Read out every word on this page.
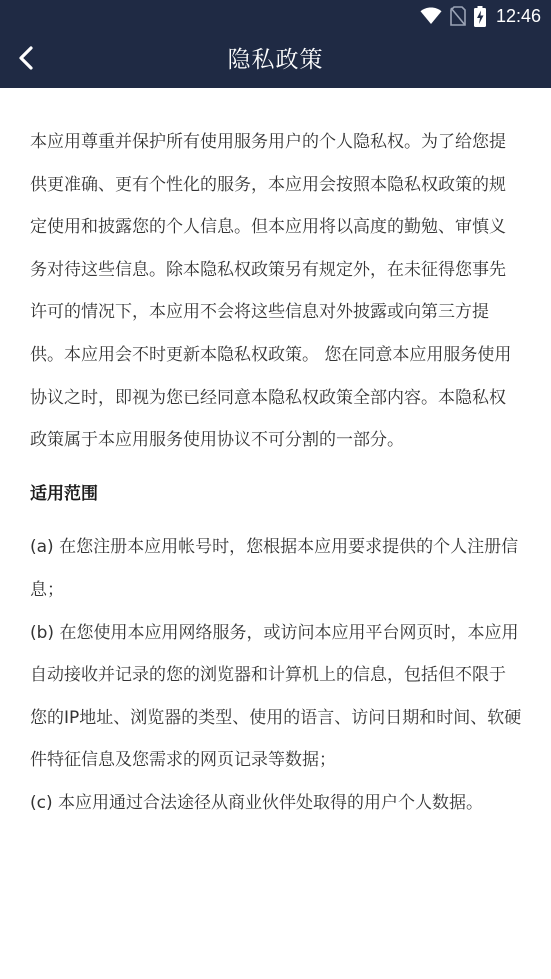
12:46
隐私政策

本应用尊重并保护所有使用服务用户的个人隐私权。为了给您提供更准确、更有个性化的服务，本应用会按照本隐私权政策的规定使用和披露您的个人信息。但本应用将以高度的勤勉、审慎义务对待这些信息。除本隐私权政策另有规定外，在未征得您事先许可的情况下，本应用不会将这些信息对外披露或向第三方提供。本应用会不时更新本隐私权政策。 您在同意本应用服务使用协议之时，即视为您已经同意本隐私权政策全部内容。本隐私权政策属于本应用服务使用协议不可分割的一部分。

适用范围

(a) 在您注册本应用帐号时，您根据本应用要求提供的个人注册信息；

(b) 在您使用本应用网络服务，或访问本应用平台网页时，本应用自动接收并记录的您的浏览器和计算机上的信息，包括但不限于您的IP地址、浏览器的类型、使用的语言、访问日期和时间、软硬件特征信息及您需求的网页记录等数据；

(c) 本应用通过合法途径从商业伙伴处取得的用户个人数据。
